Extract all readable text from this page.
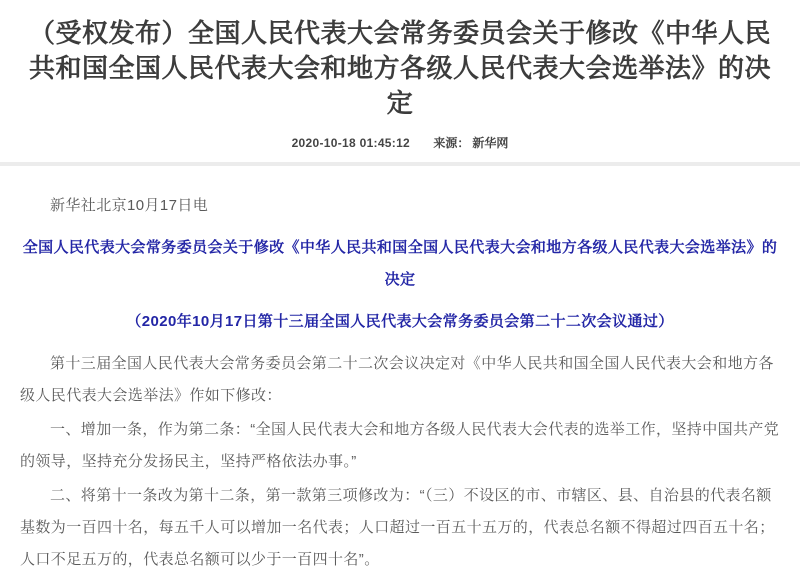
（受权发布）全国人民代表大会常务委员会关于修改《中华人民共和国全国人民代表大会和地方各级人民代表大会选举法》的决定
2020-10-18 01:45:12 来源： 新华网

新华社北京10月17日电

全国人民代表大会常务委员会关于修改《中华人民共和国全国人民代表大会和地方各级人民代表大会选举法》的决定

（2020年10月17日第十三届全国人民代表大会常务委员会第二十二次会议通过）

第十三届全国人民代表大会常务委员会第二十二次会议决定对《中华人民共和国全国人民代表大会和地方各级人民代表大会选举法》作如下修改：

一、增加一条，作为第二条：“全国人民代表大会和地方各级人民代表大会代表的选举工作，坚持中国共产党的领导，坚持充分发扬民主，坚持严格依法办事。”

二、将第十一条改为第十二条，第一款第三项修改为：“（三）不设区的市、市辖区、县、自治县的代表名额基数为一百四十名，每五千人可以增加一名代表；人口超过一百五十五万的，代表总名额不得超过四百五十名；人口不足五万的，代表总名额可以少于一百四十名”。
